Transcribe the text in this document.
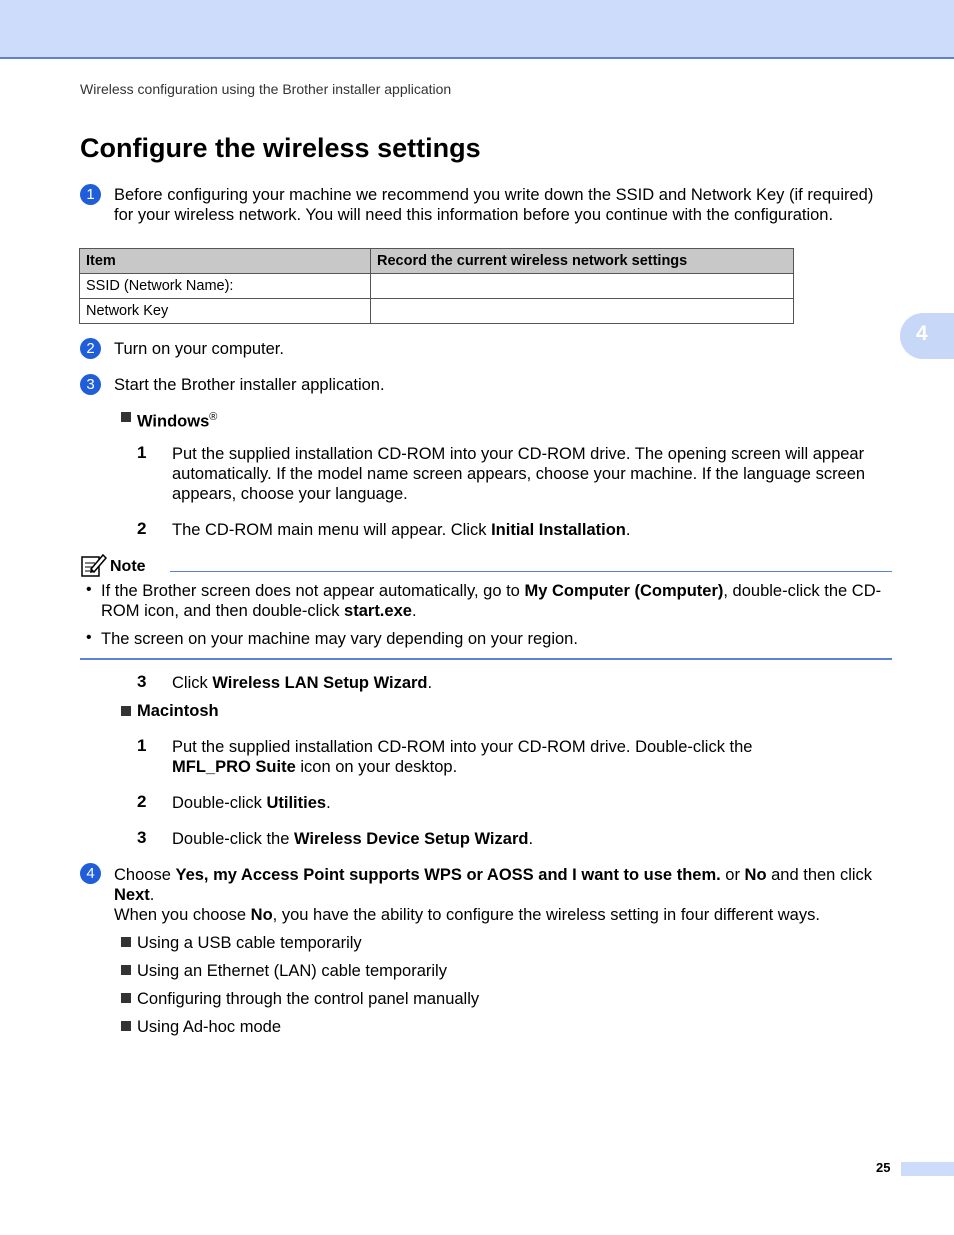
Wireless configuration using the Brother installer application
Configure the wireless settings
4
1	Before configuring your machine we recommend you write down the SSID and Network Key (if required) for your wireless network. You will need this information before you continue with the configuration.
Item	Record the current wireless network settings
SSID (Network Name):	
Network Key	
2	Turn on your computer.
3	Start the Brother installer application.
Windows®
1 Put the supplied installation CD-ROM into your CD-ROM drive. The opening screen will appear automatically. If the model name screen appears, choose your machine. If the language screen appears, choose your language.
2 The CD-ROM main menu will appear. Click Initial Installation.
Note
• If the Brother screen does not appear automatically, go to My Computer (Computer), double-click the CD-ROM icon, and then double-click start.exe.
• The screen on your machine may vary depending on your region.
3 Click Wireless LAN Setup Wizard.
Macintosh
1 Put the supplied installation CD-ROM into your CD-ROM drive. Double-click the MFL_PRO Suite icon on your desktop.
2 Double-click Utilities.
3 Double-click the Wireless Device Setup Wizard.
4	Choose Yes, my Access Point supports WPS or AOSS and I want to use them. or No and then click Next.
When you choose No, you have the ability to configure the wireless setting in four different ways.
Using a USB cable temporarily
Using an Ethernet (LAN) cable temporarily
Configuring through the control panel manually
Using Ad-hoc mode
25
